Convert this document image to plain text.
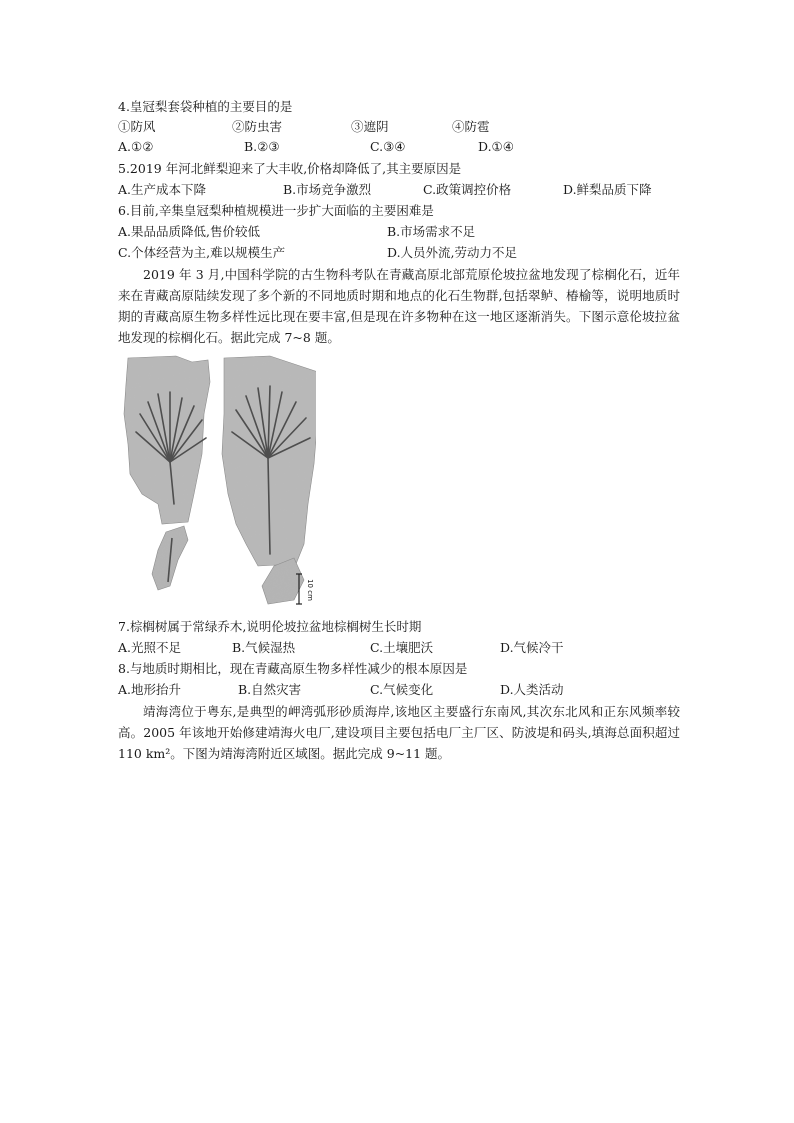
4.皇冠梨套袋种植的主要目的是
①防风	②防虫害	③遮阴	④防雹
A.①②	B.②③	C.③④	D.①④
5.2019 年河北鲜梨迎来了大丰收,价格却降低了,其主要原因是
A.生产成本下降	B.市场竞争激烈	C.政策调控价格	D.鲜梨品质下降
6.目前,辛集皇冠梨种植规模进一步扩大面临的主要困难是
A.果品品质降低,售价较低	B.市场需求不足
C.个体经营为主,难以规模生产	D.人员外流,劳动力不足
2019 年 3 月,中国科学院的古生物科考队在青藏高原北部荒原伦坡拉盆地发现了棕榈化石，近年来在青藏高原陆续发现了多个新的不同地质时期和地点的化石生物群,包括翠鲈、椿榆等，说明地质时期的青藏高原生物多样性远比现在要丰富,但是现在许多物种在这一地区逐渐消失。下图示意伦坡拉盆地发现的棕榈化石。据此完成 7~8 题。
10 cm
7.棕榈树属于常绿乔木,说明伦坡拉盆地棕榈树生长时期
A.光照不足	B.气候湿热	C.土壤肥沃	D.气候冷干
8.与地质时期相比，现在青藏高原生物多样性减少的根本原因是
A.地形抬升	B.自然灾害	C.气候变化	D.人类活动
靖海湾位于粤东,是典型的岬湾弧形砂质海岸,该地区主要盛行东南风,其次东北风和正东风频率较高。2005 年该地开始修建靖海火电厂,建设项目主要包括电厂主厂区、防波堤和码头,填海总面积超过 110 km²。下图为靖海湾附近区域图。据此完成 9~11 题。
